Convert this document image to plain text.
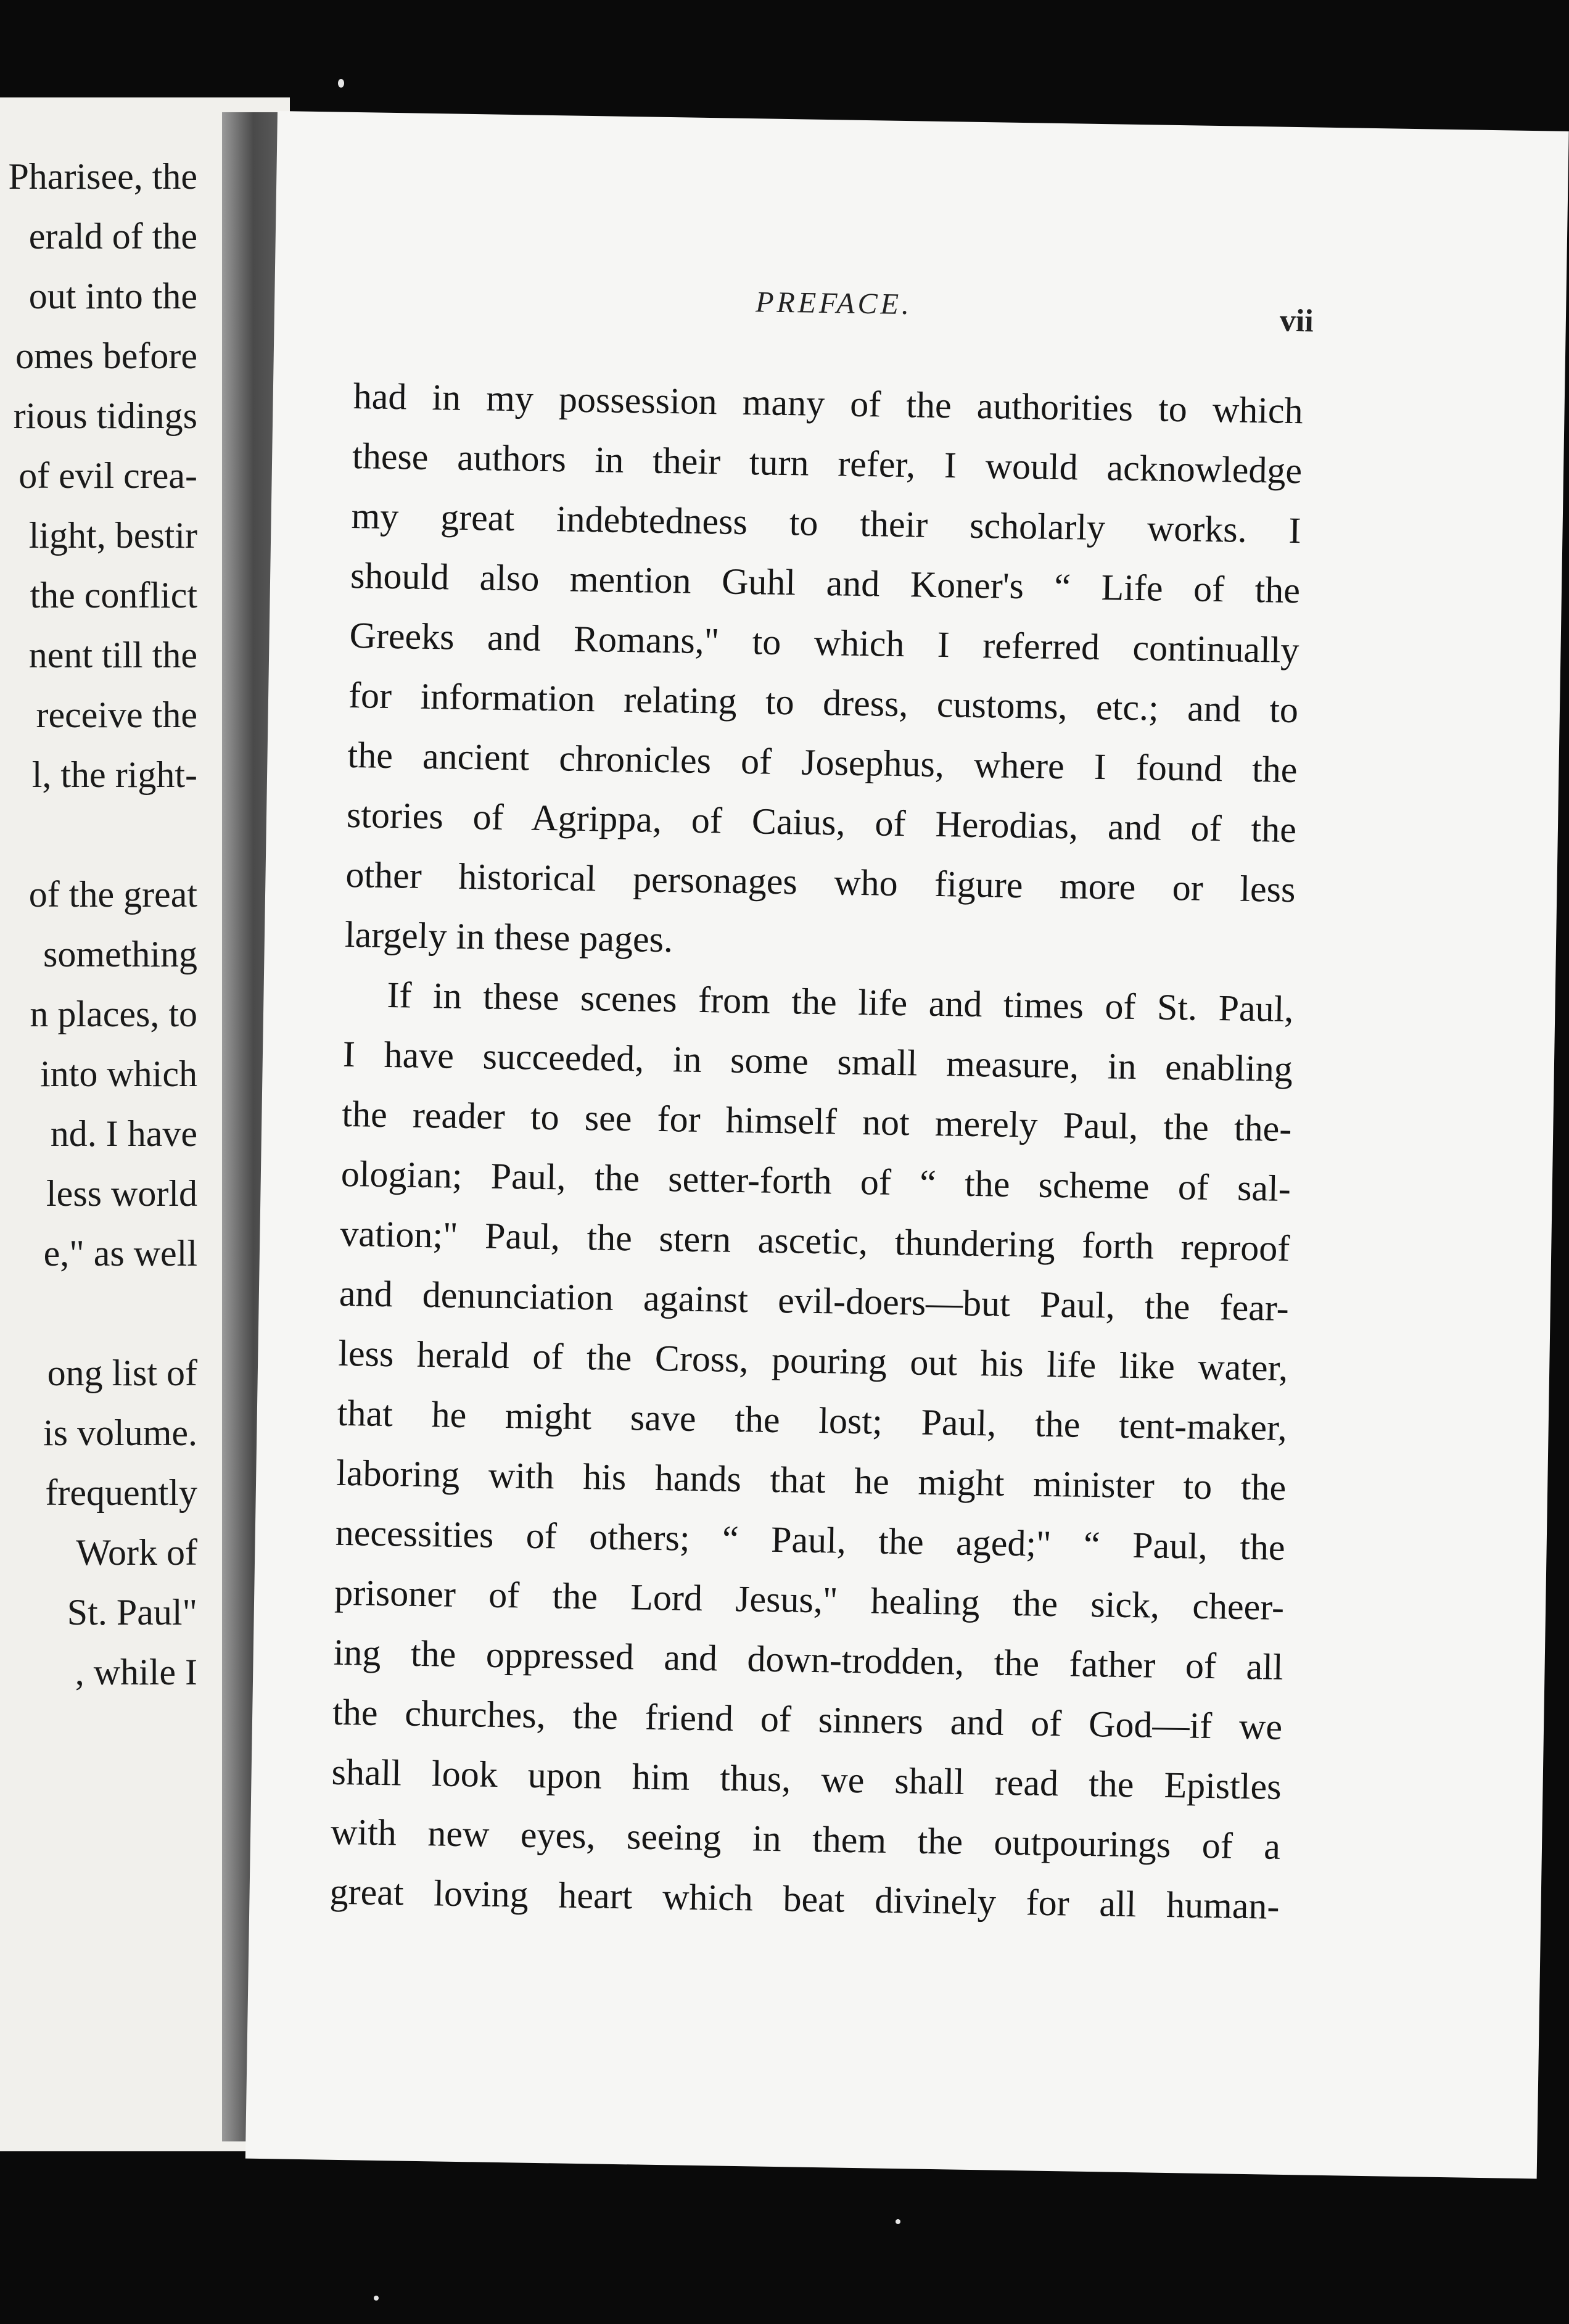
Pharisee, the
erald of the
out into the
omes before
rious tidings
of evil crea-
light, bestir
the conflict
nent till the
receive the
l, the right-
of the great
something
n places, to
into which
nd. I have
less world
e," as well
ong list of
is volume.
frequently
Work of
St. Paul"
, while I
PREFACE.	vii
had in my possession many of the authorities to which
these authors in their turn refer, I would acknowledge
my great indebtedness to their scholarly works. I
should also mention Guhl and Koner's “ Life of the
Greeks and Romans," to which I referred continually
for information relating to dress, customs, etc.; and to
the ancient chronicles of Josephus, where I found the
stories of Agrippa, of Caius, of Herodias, and of the
other historical personages who figure more or less
largely in these pages.
If in these scenes from the life and times of St. Paul,
I have succeeded, in some small measure, in enabling
the reader to see for himself not merely Paul, the the-
ologian; Paul, the setter-forth of “ the scheme of sal-
vation;" Paul, the stern ascetic, thundering forth reproof
and denunciation against evil-doers—but Paul, the fear-
less herald of the Cross, pouring out his life like water,
that he might save the lost; Paul, the tent-maker,
laboring with his hands that he might minister to the
necessities of others; “ Paul, the aged;" “ Paul, the
prisoner of the Lord Jesus," healing the sick, cheer-
ing the oppressed and down-trodden, the father of all
the churches, the friend of sinners and of God—if we
shall look upon him thus, we shall read the Epistles
with new eyes, seeing in them the outpourings of a
great loving heart which beat divinely for all human-
